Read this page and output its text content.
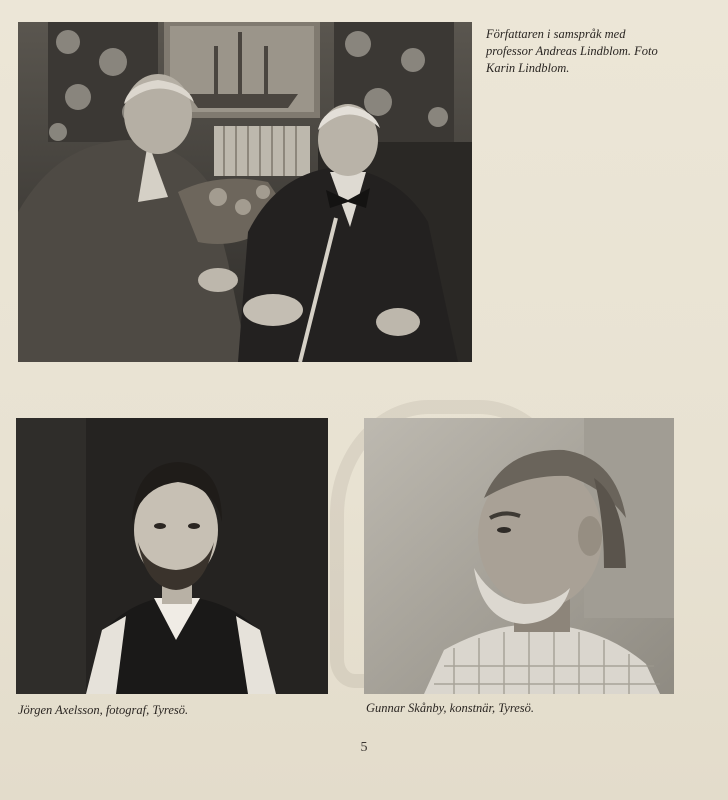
Författaren i samspråk med professor Andreas Lindblom. Foto Karin Lindblom.
Jörgen Axelsson, fotograf, Tyresö.	Gunnar Skånby, konstnär, Tyresö.
5
